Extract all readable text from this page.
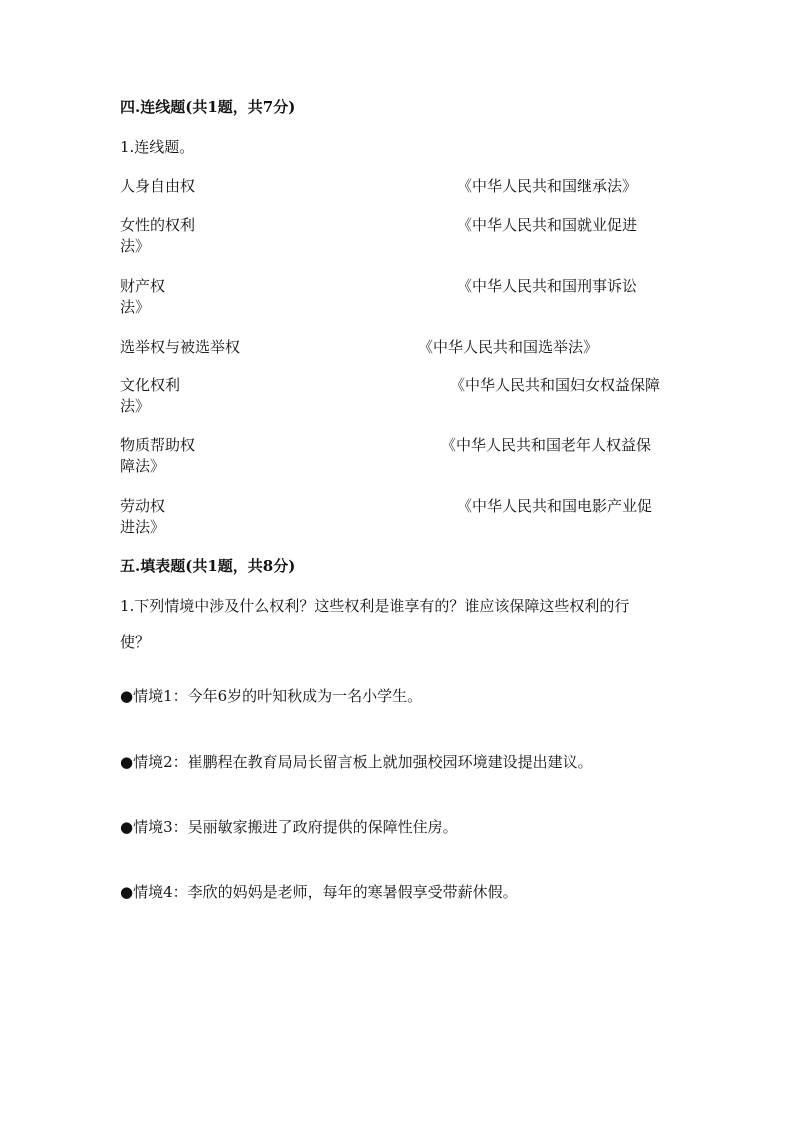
四.连线题(共1题，共7分)
1.连线题。
人身自由权	《中华人民共和国继承法》
女性的权利	《中华人民共和国就业促进
法》
财产权	《中华人民共和国刑事诉讼
法》
选举权与被选举权	《中华人民共和国选举法》
文化权利	《中华人民共和国妇女权益保障
法》
物质帮助权	《中华人民共和国老年人权益保
障法》
劳动权	《中华人民共和国电影产业促
进法》
五.填表题(共1题，共8分)
1.下列情境中涉及什么权利？这些权利是谁享有的？谁应该保障这些权利的行
使？
●情境1：今年6岁的叶知秋成为一名小学生。
●情境2：崔鹏程在教育局局长留言板上就加强校园环境建设提出建议。
●情境3：吴丽敏家搬进了政府提供的保障性住房。
●情境4：李欣的妈妈是老师，每年的寒暑假享受带薪休假。
